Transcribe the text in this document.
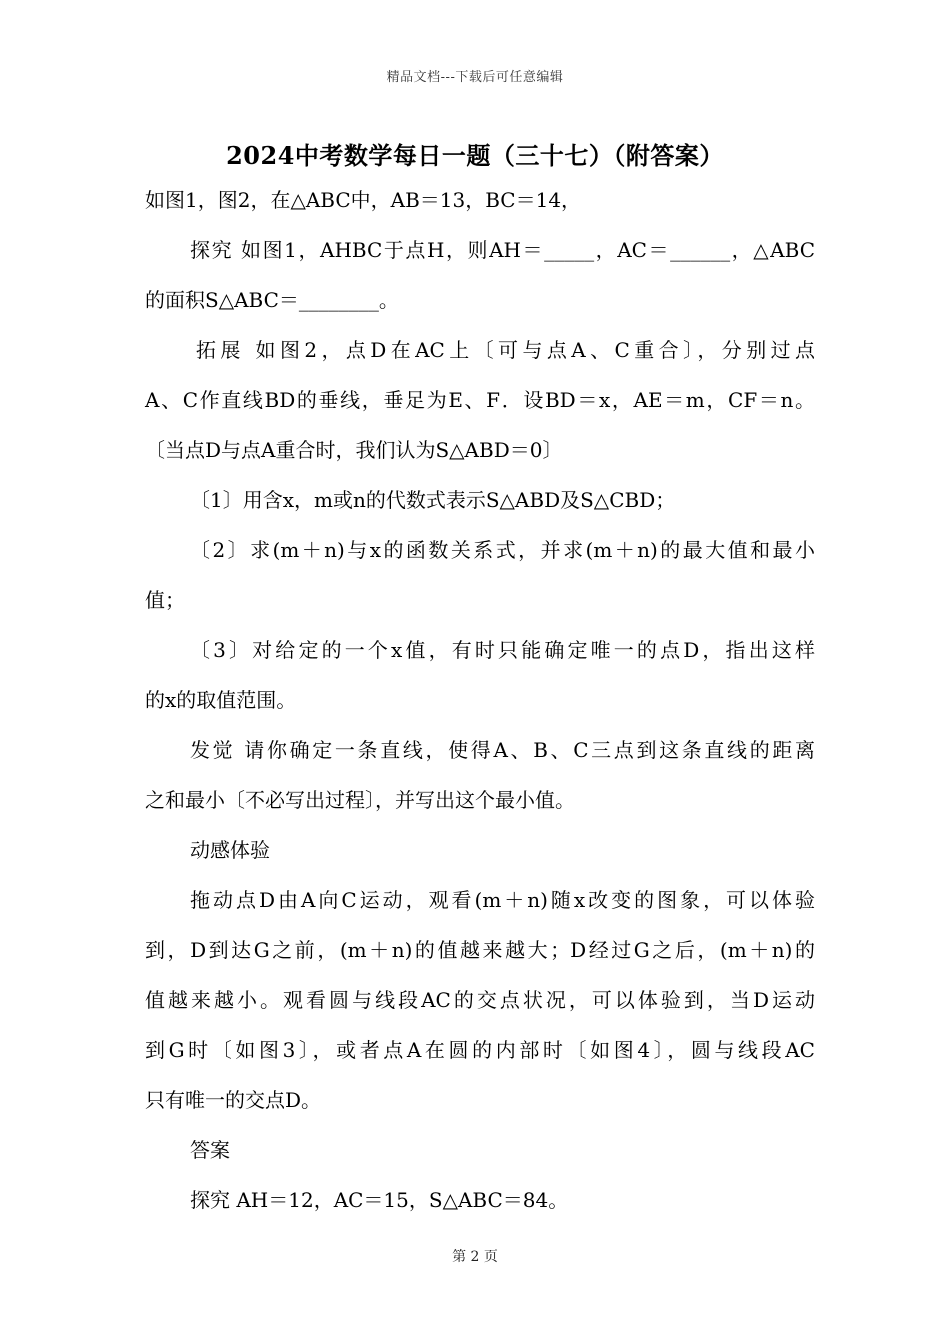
精品文档---下载后可任意编辑
2024中考数学每日一题（三十七）（附答案）
如图1，图2，在△ABC中，AB＝13，BC＝14，
探究 如图1，AHBC于点H，则AH＝_____，AC＝______，△ABC
的面积S△ABC＝________。
拓展 如图2，点D在AC上〔可与点A、C重合〕，分别过点
A、C作直线BD的垂线，垂足为E、F．设BD＝x，AE＝m，CF＝n。
〔当点D与点A重合时，我们认为S△ABD＝0〕
〔1〕用含x，m或n的代数式表示S△ABD及S△CBD；
〔2〕求(m＋n)与x的函数关系式，并求(m＋n)的最大值和最小
值；
〔3〕对给定的一个x值，有时只能确定唯一的点D，指出这样
的x的取值范围。
发觉 请你确定一条直线，使得A、B、C三点到这条直线的距离
之和最小〔不必写出过程〕，并写出这个最小值。
动感体验
拖动点D由A向C运动，观看(m＋n)随x改变的图象，可以体验
到，D到达G之前，(m＋n)的值越来越大；D经过G之后，(m＋n)的
值越来越小。观看圆与线段AC的交点状况，可以体验到，当D运动
到G时〔如图3〕，或者点A在圆的内部时〔如图4〕，圆与线段AC
只有唯一的交点D。
答案
探究 AH＝12，AC＝15，S△ABC＝84。
第 2 页
